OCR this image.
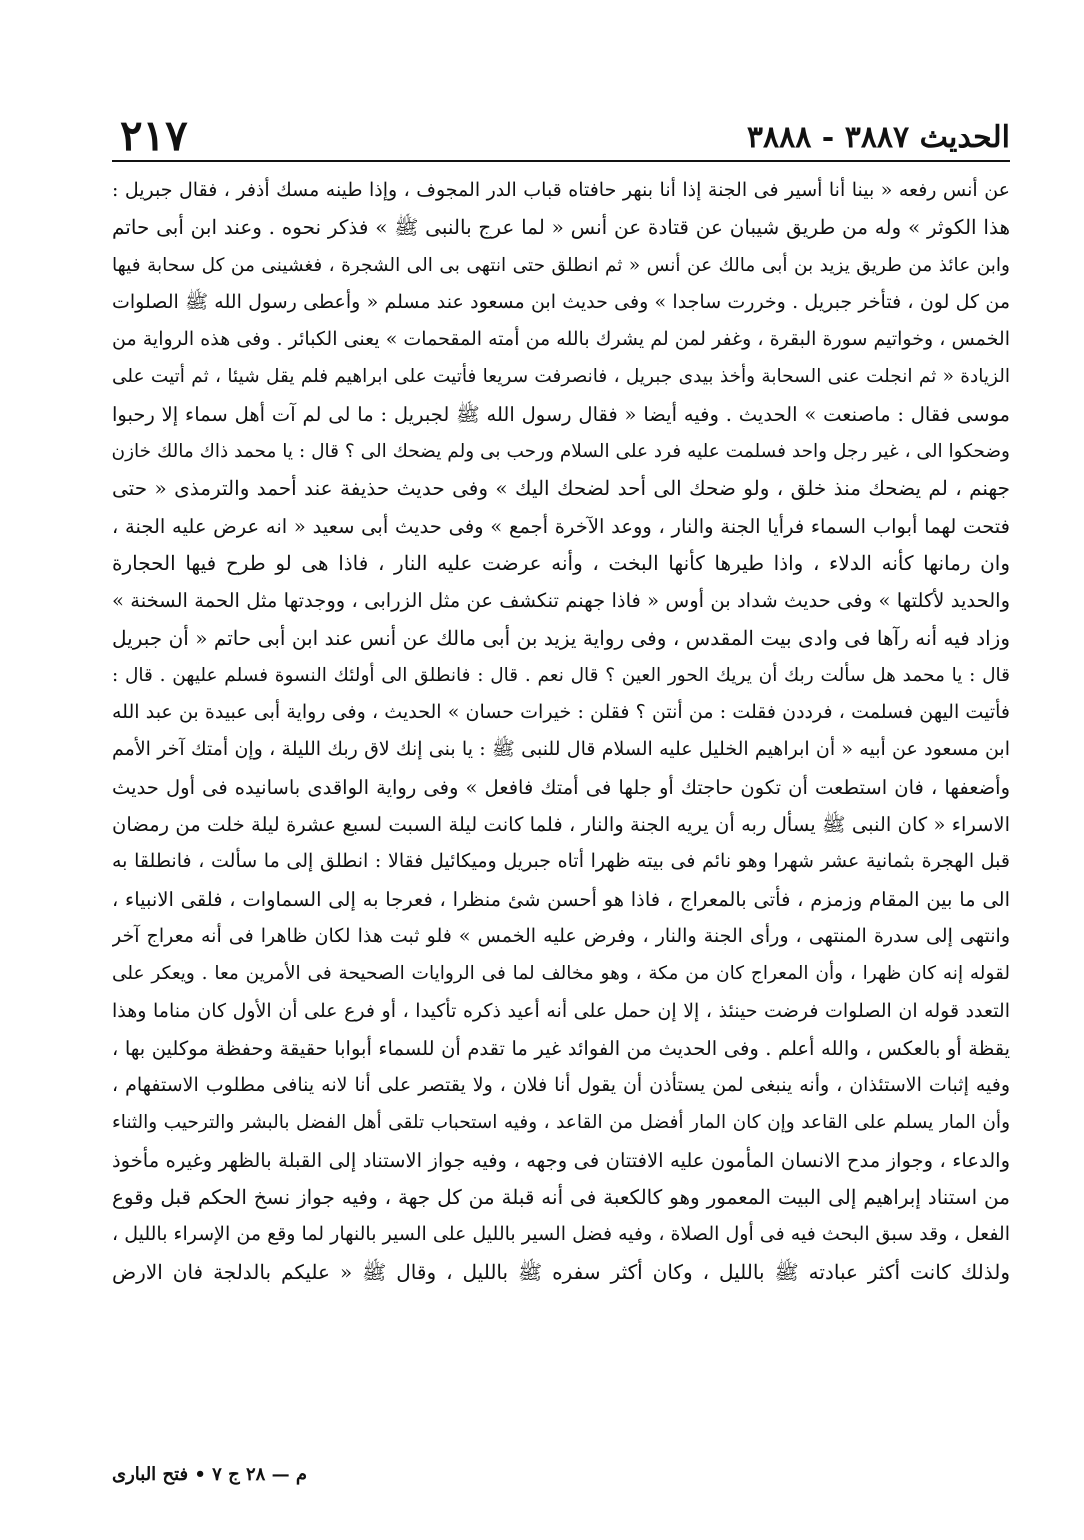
٢١٧	الحديث ٣٨٨٧ - ٣٨٨٨
عن أنس رفعه « بينا أنا أسير فى الجنة إذا أنا بنهر حافتاه قباب الدر المجوف ، وإذا طينه مسك أذفر ، فقال جبريل :
هذا الكوثر » وله من طريق شيبان عن قتادة عن أنس « لما عرج بالنبى ﷺ » فذكر نحوه . وعند ابن أبى حاتم
وابن عائذ من طريق يزيد بن أبى مالك عن أنس « ثم انطلق حتى انتهى بى الى الشجرة ، فغشينى من كل سحابة فيها
من كل لون ، فتأخر جبريل . وخررت ساجدا » وفى حديث ابن مسعود عند مسلم « وأعطى رسول الله ﷺ الصلوات
الخمس ، وخواتيم سورة البقرة ، وغفر لمن لم يشرك بالله من أمته المقحمات » يعنى الكبائر . وفى هذه الرواية من
الزيادة « ثم انجلت عنى السحابة وأخذ بيدى جبريل ، فانصرفت سريعا فأتيت على ابراهيم فلم يقل شيئا ، ثم أتيت على
موسى فقال : ماصنعت » الحديث . وفيه أيضا « فقال رسول الله ﷺ لجبريل : ما لى لم آت أهل سماء إلا رحبوا
وضحكوا الى ، غير رجل واحد فسلمت عليه فرد على السلام ورحب بى ولم يضحك الى ؟ قال : يا محمد ذاك مالك خازن
جهنم ، لم يضحك منذ خلق ، ولو ضحك الى أحد لضحك اليك » وفى حديث حذيفة عند أحمد والترمذى « حتى
فتحت لهما أبواب السماء فرأيا الجنة والنار ، ووعد الآخرة أجمع » وفى حديث أبى سعيد « انه عرض عليه الجنة ،
وان رمانها كأنه الدلاء ، واذا طيرها كأنها البخت ، وأنه عرضت عليه النار ، فاذا هى لو طرح فيها الحجارة
والحديد لأكلتها » وفى حديث شداد بن أوس « فاذا جهنم تنكشف عن مثل الزرابى ، ووجدتها مثل الحمة السخنة »
وزاد فيه أنه رآها فى وادى بيت المقدس ، وفى رواية يزيد بن أبى مالك عن أنس عند ابن أبى حاتم « أن جبريل
قال : يا محمد هل سألت ربك أن يريك الحور العين ؟ قال نعم . قال : فانطلق الى أولئك النسوة فسلم عليهن . قال :
فأتيت اليهن فسلمت ، فرددن فقلت : من أنتن ؟ فقلن : خيرات حسان » الحديث ، وفى رواية أبى عبيدة بن عبد الله
ابن مسعود عن أبيه « أن ابراهيم الخليل عليه السلام قال للنبى ﷺ : يا بنى إنك لاق ربك الليلة ، وإن أمتك آخر الأمم
وأضعفها ، فان استطعت أن تكون حاجتك أو جلها فى أمتك فافعل » وفى رواية الواقدى باسانيده فى أول حديث
الاسراء « كان النبى ﷺ يسأل ربه أن يريه الجنة والنار ، فلما كانت ليلة السبت لسبع عشرة ليلة خلت من رمضان
قبل الهجرة بثمانية عشر شهرا وهو نائم فى بيته ظهرا أتاه جبريل وميكائيل فقالا : انطلق إلى ما سألت ، فانطلقا به
الى ما بين المقام وزمزم ، فأتى بالمعراج ، فاذا هو أحسن شئ منظرا ، فعرجا به إلى السماوات ، فلقى الانبياء ،
وانتهى إلى سدرة المنتهى ، ورأى الجنة والنار ، وفرض عليه الخمس » فلو ثبت هذا لكان ظاهرا فى أنه معراج آخر
لقوله إنه كان ظهرا ، وأن المعراج كان من مكة ، وهو مخالف لما فى الروايات الصحيحة فى الأمرين معا . ويعكر على
التعدد قوله ان الصلوات فرضت حينئذ ، إلا إن حمل على أنه أعيد ذكره تأكيدا ، أو فرع على أن الأول كان مناما وهذا
يقظة أو بالعكس ، والله أعلم . وفى الحديث من الفوائد غير ما تقدم أن للسماء أبوابا حقيقة وحفظة موكلين بها ،
وفيه إثبات الاستئذان ، وأنه ينبغى لمن يستأذن أن يقول أنا فلان ، ولا يقتصر على أنا لانه ينافى مطلوب الاستفهام ،
وأن المار يسلم على القاعد وإن كان المار أفضل من القاعد ، وفيه استحباب تلقى أهل الفضل بالبشر والترحيب والثناء
والدعاء ، وجواز مدح الانسان المأمون عليه الافتتان فى وجهه ، وفيه جواز الاستناد إلى القبلة بالظهر وغيره مأخوذ
من استناد إبراهيم إلى البيت المعمور وهو كالكعبة فى أنه قبلة من كل جهة ، وفيه جواز نسخ الحكم قبل وقوع
الفعل ، وقد سبق البحث فيه فى أول الصلاة ، وفيه فضل السير بالليل على السير بالنهار لما وقع من الإسراء بالليل ،
ولذلك كانت أكثر عبادته ﷺ بالليل ، وكان أكثر سفره ﷺ بالليل ، وقال ﷺ « عليكم بالدلجة فان الارض
م — ٢٨ ج ٧ • فتح البارى
